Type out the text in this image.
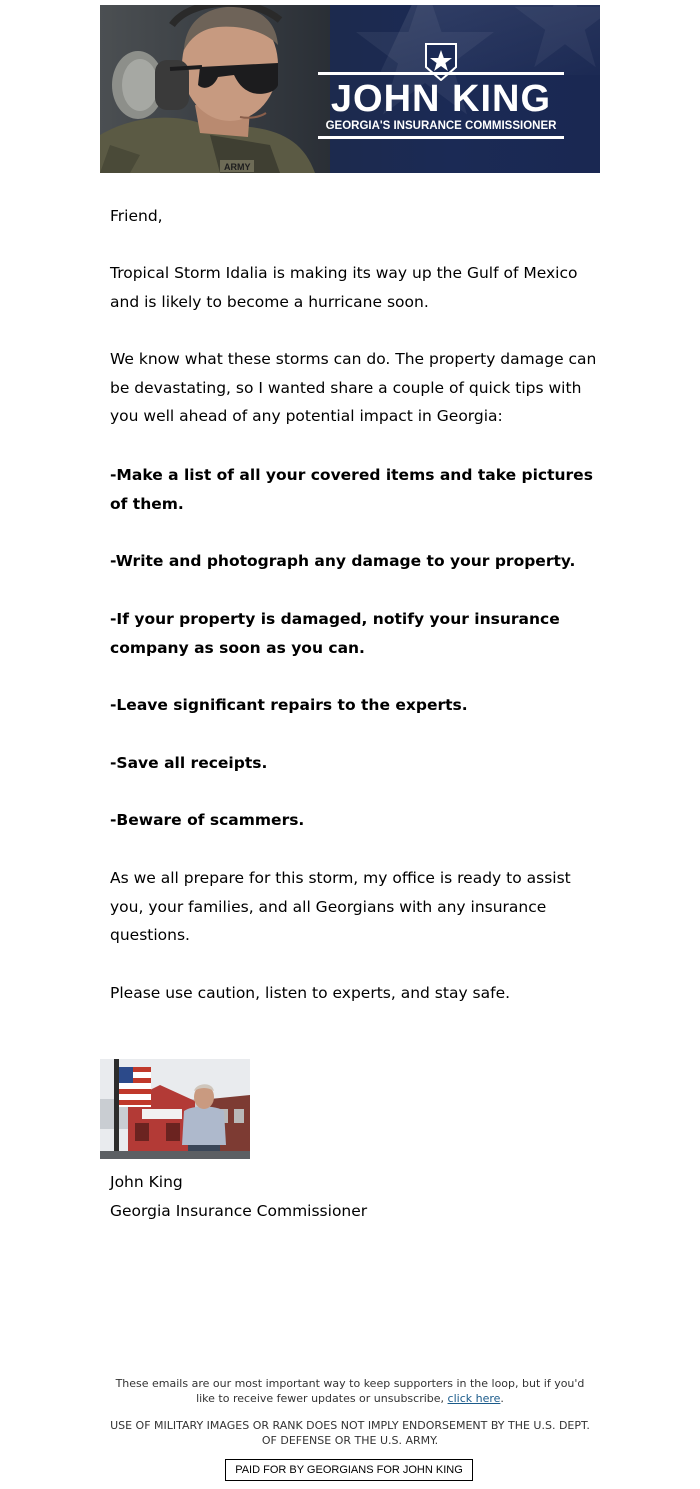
ARMY
JOHN KING
GEORGIA'S INSURANCE COMMISSIONER

Friend,

Tropical Storm Idalia is making its way up the Gulf of Mexico and is likely to become a hurricane soon.

We know what these storms can do. The property damage can be devastating, so I wanted share a couple of quick tips with you well ahead of any potential impact in Georgia:

-Make a list of all your covered items and take pictures of them.

-Write and photograph any damage to your property.

-If your property is damaged, notify your insurance company as soon as you can.

-Leave significant repairs to the experts.

-Save all receipts.

-Beware of scammers.

As we all prepare for this storm, my office is ready to assist you, your families, and all Georgians with any insurance questions.

Please use caution, listen to experts, and stay safe.

John King

Georgia Insurance Commissioner

These emails are our most important way to keep supporters in the loop, but if you'd like to receive fewer updates or unsubscribe, click here.

USE OF MILITARY IMAGES OR RANK DOES NOT IMPLY ENDORSEMENT BY THE U.S. DEPT. OF DEFENSE OR THE U.S. ARMY.

PAID FOR BY GEORGIANS FOR JOHN KING
